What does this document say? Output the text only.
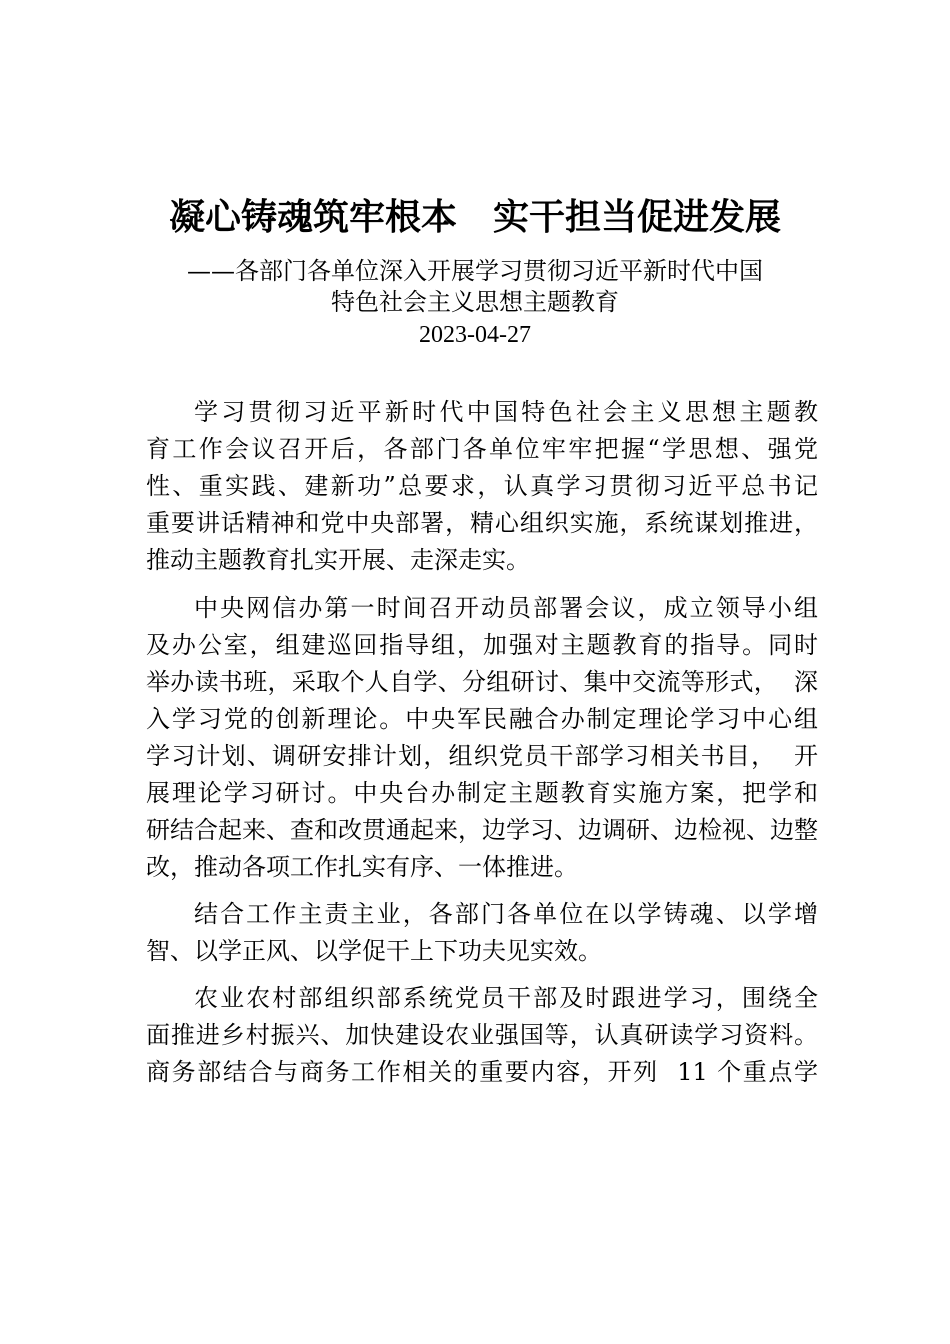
凝心铸魂筑牢根本　实干担当促进发展
——各部门各单位深入开展学习贯彻习近平新时代中国
特色社会主义思想主题教育
2023-04-27
学习贯彻习近平新时代中国特色社会主义思想主题教
育工作会议召开后，各部门各单位牢牢把握“学思想、强党
性、重实践、建新功”总要求，认真学习贯彻习近平总书记
重要讲话精神和党中央部署，精心组织实施，系统谋划推进，
推动主题教育扎实开展、走深走实。
中央网信办第一时间召开动员部署会议，成立领导小组
及办公室，组建巡回指导组，加强对主题教育的指导。同时
举办读书班，采取个人自学、分组研讨、集中交流等形式，  深
入学习党的创新理论。中央军民融合办制定理论学习中心组
学习计划、调研安排计划，组织党员干部学习相关书目，  开
展理论学习研讨。中央台办制定主题教育实施方案，把学和
研结合起来、查和改贯通起来，边学习、边调研、边检视、边整
改，推动各项工作扎实有序、一体推进。
结合工作主责主业，各部门各单位在以学铸魂、以学增
智、以学正风、以学促干上下功夫见实效。
农业农村部组织部系统党员干部及时跟进学习，围绕全
面推进乡村振兴、加快建设农业强国等，认真研读学习资料。
商务部结合与商务工作相关的重要内容，开列  11 个重点学
